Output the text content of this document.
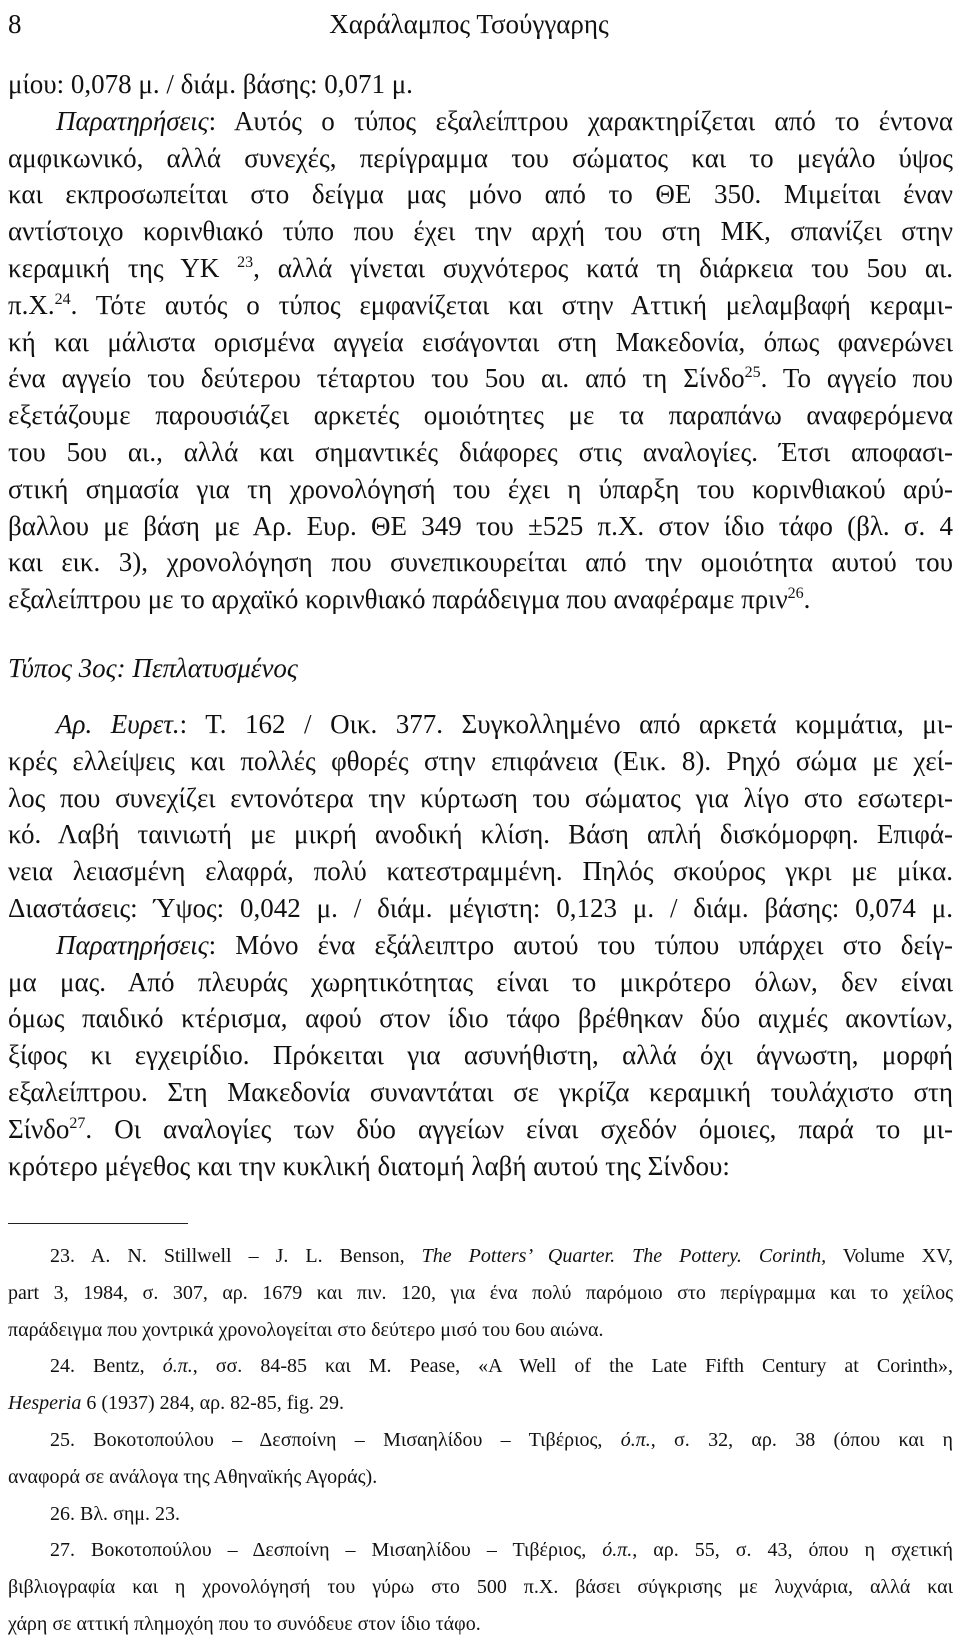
8	Χαράλαμπος Τσούγγαρης
μίου: 0,078 μ. / διάμ. βάσης: 0,071 μ.
Παρατηρήσεις: Αυτός ο τύπος εξαλείπτρου χαρακτηρίζεται από το έντονα
αμφικωνικό, αλλά συνεχές, περίγραμμα του σώματος και το μεγάλο ύψος
και εκπροσωπείται στο δείγμα μας μόνο από το ΘΕ 350. Μιμείται έναν
αντίστοιχο κορινθιακό τύπο που έχει την αρχή του στη ΜΚ, σπανίζει στην
κεραμική της ΥΚ $^{23}$, αλλά γίνεται συχνότερος κατά τη διάρκεια του 5ου αι.
π.Χ.$^{24}$. Τότε αυτός ο τύπος εμφανίζεται και στην Αττική μελαμβαφή κεραμι-
κή και μάλιστα ορισμένα αγγεία εισάγονται στη Μακεδονία, όπως φανερώνει
ένα αγγείο του δεύτερου τέταρτου του 5ου αι. από τη Σίνδο$^{25}$. Το αγγείο που
εξετάζουμε παρουσιάζει αρκετές ομοιότητες με τα παραπάνω αναφερόμενα
του 5ου αι., αλλά και σημαντικές διάφορες στις αναλογίες. Έτσι αποφασι-
στική σημασία για τη χρονολόγησή του έχει η ύπαρξη του κορινθιακού αρύ-
βαλλου με βάση με Αρ. Ευρ. ΘΕ 349 του ±525 π.Χ. στον ίδιο τάφο (βλ. σ. 4
και εικ. 3), χρονολόγηση που συνεπικουρείται από την ομοιότητα αυτού του
εξαλείπτρου με το αρχαϊκό κορινθιακό παράδειγμα που αναφέραμε πριν$^{26}$.
Τύπος 3ος: Πεπλατυσμένος
Αρ. Ευρετ.: Τ. 162 / Οικ. 377. Συγκολλημένο από αρκετά κομμάτια, μι-
κρές ελλείψεις και πολλές φθορές στην επιφάνεια (Εικ. 8). Ρηχό σώμα με χεί-
λος που συνεχίζει εντονότερα την κύρτωση του σώματος για λίγο στο εσωτερι-
κό. Λαβή ταινιωτή με μικρή ανοδική κλίση. Βάση απλή δισκόμορφη. Επιφά-
νεια λειασμένη ελαφρά, πολύ κατεστραμμένη. Πηλός σκούρος γκρι με μίκα.
Διαστάσεις: Ύψος: 0,042 μ. / διάμ. μέγιστη: 0,123 μ. / διάμ. βάσης: 0,074 μ.
Παρατηρήσεις: Μόνο ένα εξάλειπτρο αυτού του τύπου υπάρχει στο δείγ-
μα μας. Από πλευράς χωρητικότητας είναι το μικρότερο όλων, δεν είναι
όμως παιδικό κτέρισμα, αφού στον ίδιο τάφο βρέθηκαν δύο αιχμές ακοντίων,
ξίφος κι εγχειρίδιο. Πρόκειται για ασυνήθιστη, αλλά όχι άγνωστη, μορφή
εξαλείπτρου. Στη Μακεδονία συναντάται σε γκρίζα κεραμική τουλάχιστο στη
Σίνδο$^{27}$. Οι αναλογίες των δύο αγγείων είναι σχεδόν όμοιες, παρά το μι-
κρότερο μέγεθος και την κυκλική διατομή λαβή αυτού της Σίνδου:
23. A. N. Stillwell – J. L. Benson, The Potters’ Quarter. The Pottery. Corinth, Volume XV,
part 3, 1984, σ. 307, αρ. 1679 και πιν. 120, για ένα πολύ παρόμοιο στο περίγραμμα και το χείλος
παράδειγμα που χοντρικά χρονολογείται στο δεύτερο μισό του 6ου αιώνα.
24. Bentz, ό.π., σσ. 84-85 και M. Pease, «A Well of the Late Fifth Century at Corinth»,
Hesperia 6 (1937) 284, αρ. 82-85, fig. 29.
25. Βοκοτοπούλου – Δεσποίνη – Μισαηλίδου – Τιβέριος, ό.π., σ. 32, αρ. 38 (όπου και η
αναφορά σε ανάλογα της Αθηναϊκής Αγοράς).
26. Βλ. σημ. 23.
27. Βοκοτοπούλου – Δεσποίνη – Μισαηλίδου – Τιβέριος, ό.π., αρ. 55, σ. 43, όπου η σχετική
βιβλιογραφία και η χρονολόγησή του γύρω στο 500 π.Χ. βάσει σύγκρισης με λυχνάρια, αλλά και
χάρη σε αττική πλημοχόη που το συνόδευε στον ίδιο τάφο.
